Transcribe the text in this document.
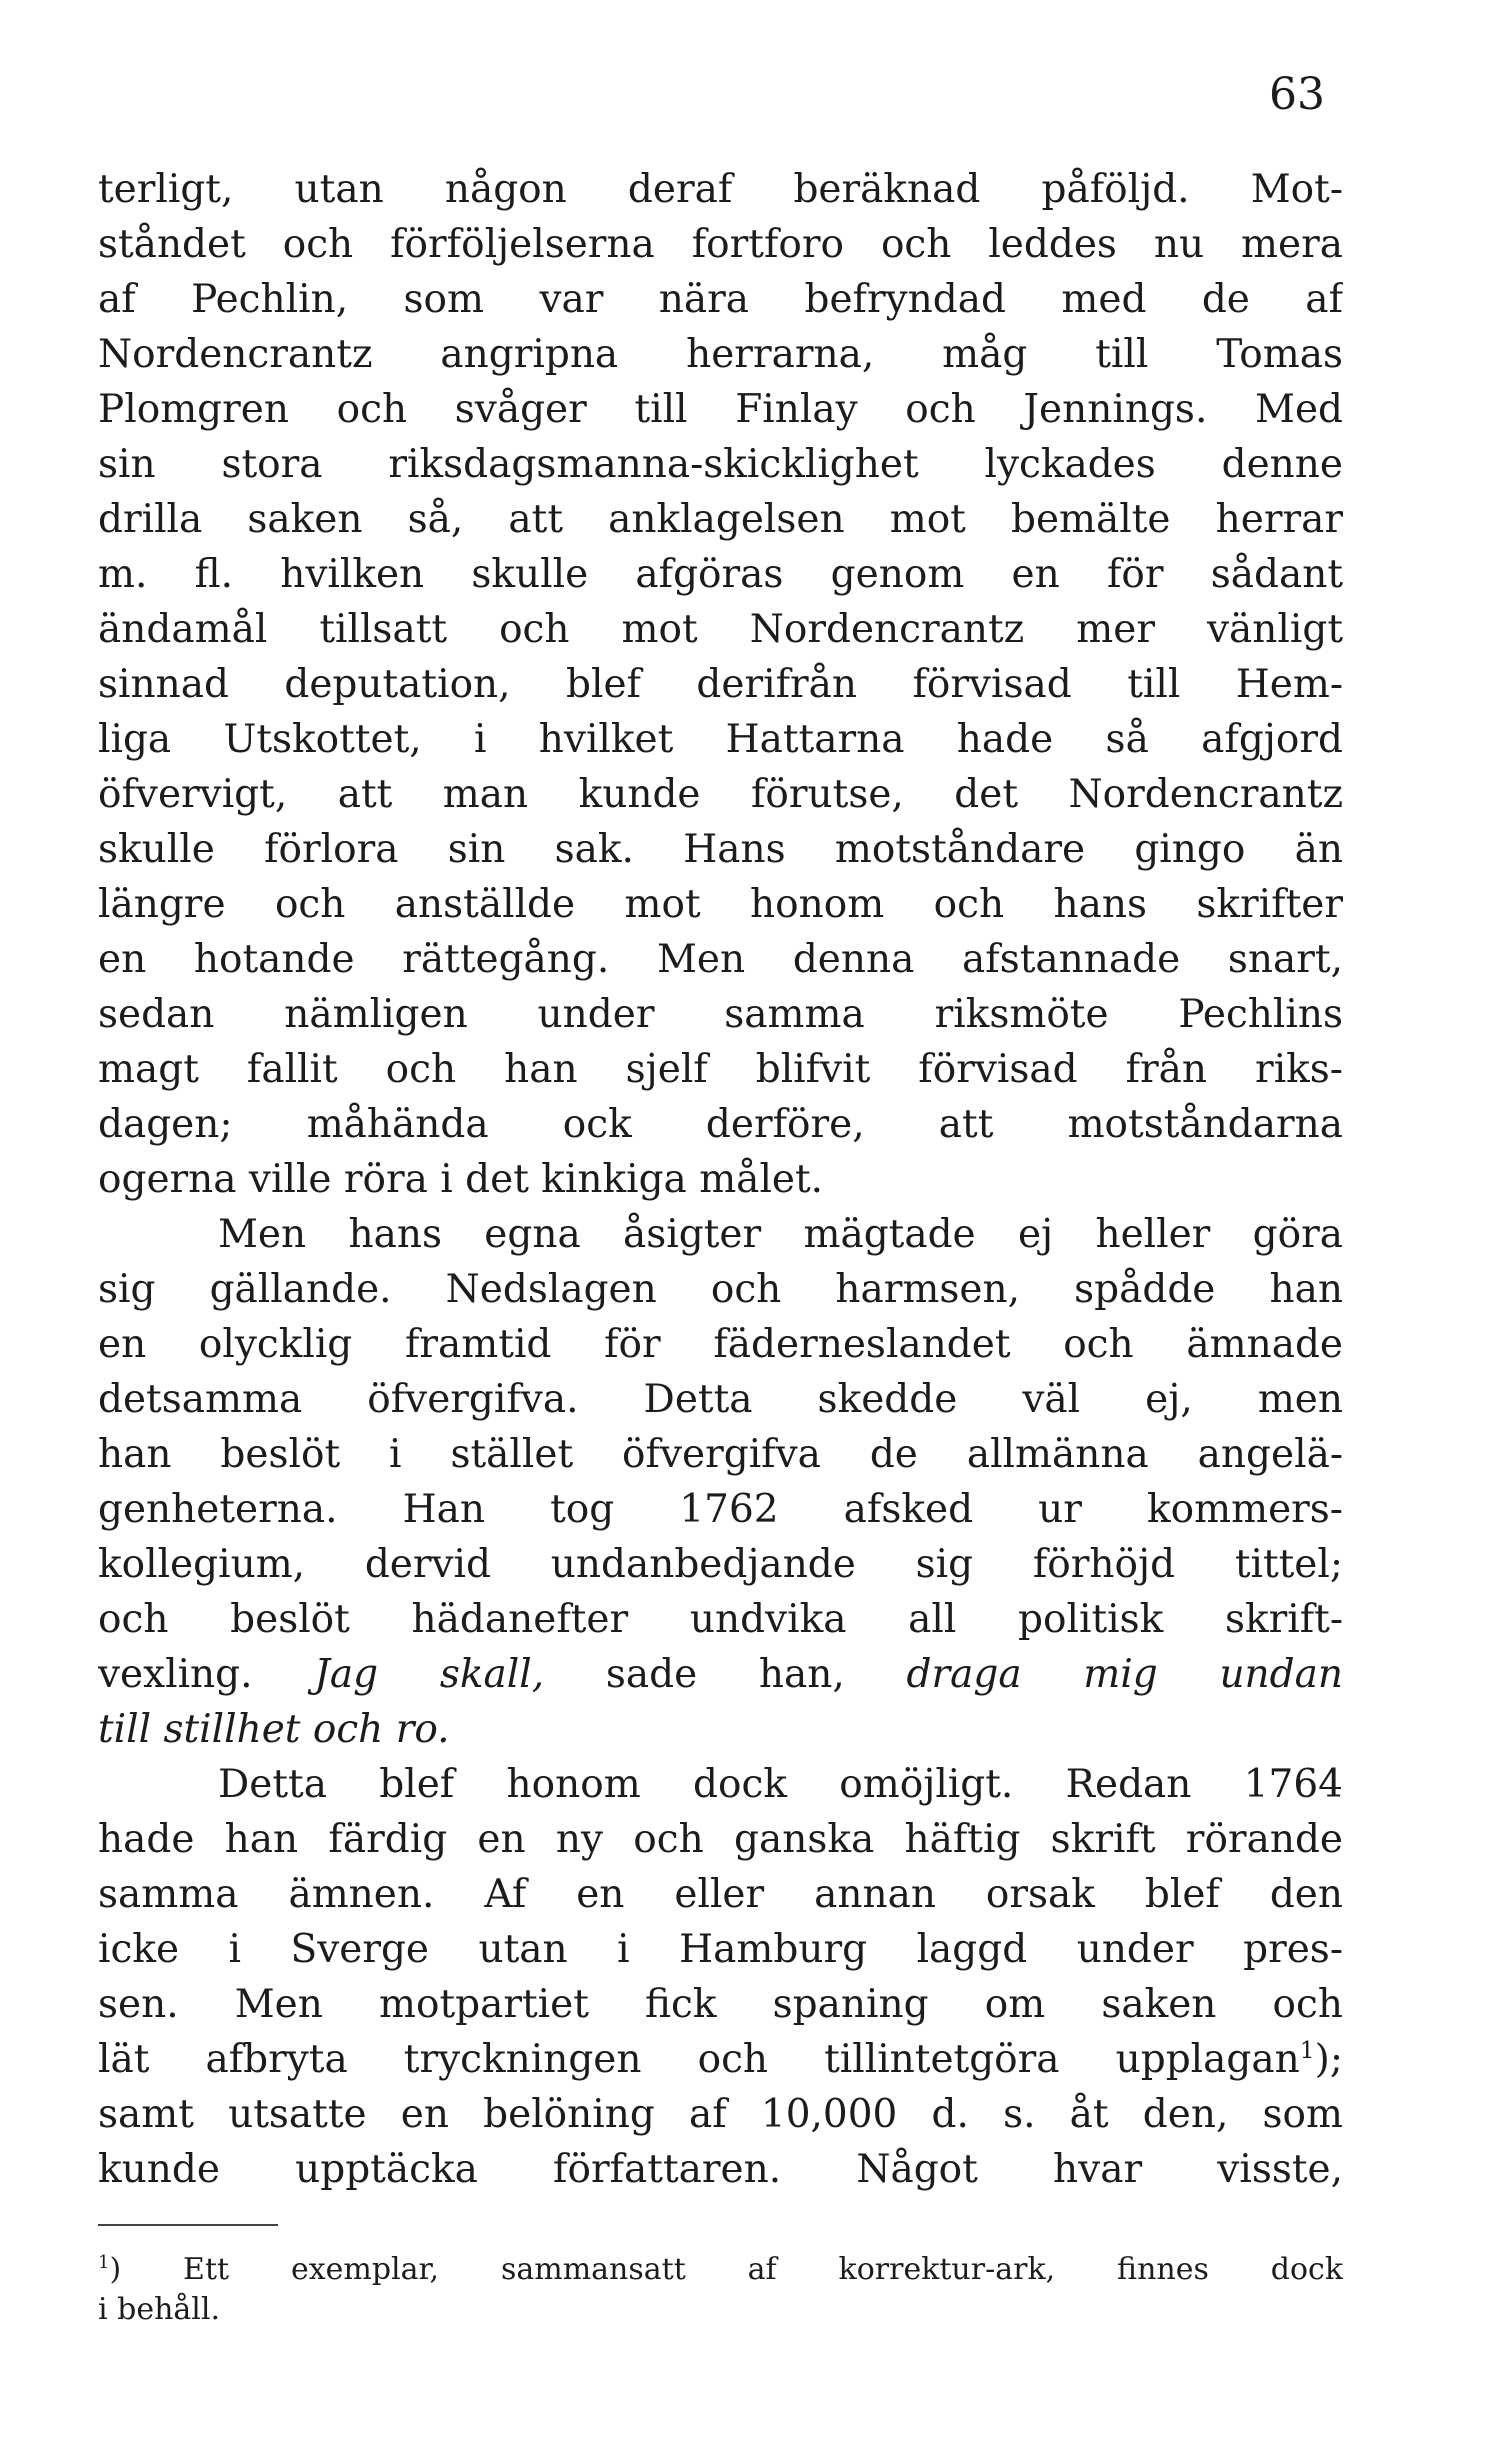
63
terligt, utan någon deraf beräknad påföljd. Mot-
ståndet och förföljelserna fortforo och leddes nu mera
af Pechlin, som var nära befryndad med de af
Nordencrantz angripna herrarna, måg till Tomas
Plomgren och svåger till Finlay och Jennings. Med
sin stora riksdagsmanna-skicklighet lyckades denne
drilla saken så, att anklagelsen mot bemälte herrar
m. fl. hvilken skulle afgöras genom en för sådant
ändamål tillsatt och mot Nordencrantz mer vänligt
sinnad deputation, blef derifrån förvisad till Hem-
liga Utskottet, i hvilket Hattarna hade så afgjord
öfvervigt, att man kunde förutse, det Nordencrantz
skulle förlora sin sak. Hans motståndare gingo än
längre och anställde mot honom och hans skrifter
en hotande rättegång. Men denna afstannade snart,
sedan nämligen under samma riksmöte Pechlins
magt fallit och han sjelf blifvit förvisad från riks-
dagen; måhända ock derföre, att motståndarna
ogerna ville röra i det kinkiga målet.
Men hans egna åsigter mägtade ej heller göra
sig gällande. Nedslagen och harmsen, spådde han
en olycklig framtid för fäderneslandet och ämnade
detsamma öfvergifva. Detta skedde väl ej, men
han beslöt i stället öfvergifva de allmänna angelä-
genheterna. Han tog 1762 afsked ur kommers-
kollegium, dervid undanbedjande sig förhöjd tittel;
och beslöt hädanefter undvika all politisk skrift-
vexling. Jag skall, sade han, draga mig undan
till stillhet och ro.
Detta blef honom dock omöjligt. Redan 1764
hade han färdig en ny och ganska häftig skrift rörande
samma ämnen. Af en eller annan orsak blef den
icke i Sverge utan i Hamburg laggd under pres-
sen. Men motpartiet fick spaning om saken och
lät afbryta tryckningen och tillintetgöra upplagan$^1$);
samt utsatte en belöning af 10,000 d. s. åt den, som
kunde upptäcka författaren. Något hvar visste,
$^1$) Ett exemplar, sammansatt af korrektur-ark, finnes dock
i behåll.
